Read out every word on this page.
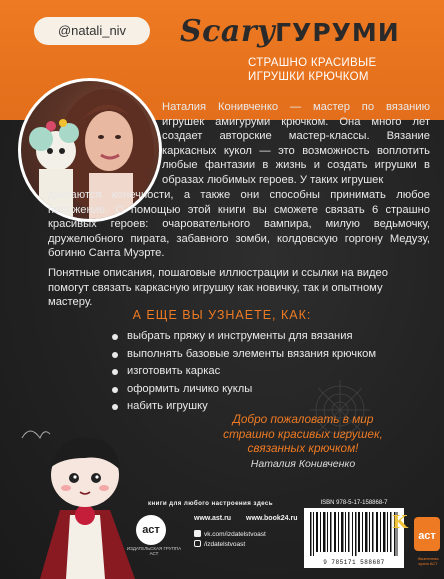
@natali_niv	ScaryГУРУМИ
СТРАШНО КРАСИВЫЕ
ИГРУШКИ КРЮЧКОМ
Наталия Конивченко — мастер по вязанию игрушек амигуруми крючком. Она много лет создает авторские мастер-классы. Вязание каркасных кукол — это возможность воплотить любые фантазии в жизнь и создать игрушки в образах любимых героев. У таких игрушек
двигаются конечности, а также они способны принимать любое положение. С помощью этой книги вы сможете связать 6 страшно красивых героев: очаровательного вампира, милую ведьмочку, дружелюбного пирата, забавного зомби, колдовскую горгону Медузу, богиню Санта Муэрте.
Понятные описания, пошаговые иллюстрации и ссылки на видео помогут связать каркасную игрушку как новичку, так и опытному мастеру.
А ЕЩЕ ВЫ УЗНАЕТЕ, КАК:
выбрать пряжу и инструменты для вязания
выполнять базовые элементы вязания крючком
изготовить каркас
оформить личико куклы
набить игрушку
Добро пожаловать в мир
страшно красивых игрушек,
связанных крючком!
Наталия Конивченко
книги для любого настроения здесь
аст
ИЗДАТЕЛЬСКАЯ ГРУППА АСТ
www.ast.ru www.book24.ru
vk.com/izdatelstvoast
/izdatelstvoast
ISBN 978-5-17-158868-7
9 785171 588687
K
аст
Жизненная кухня АСТ
